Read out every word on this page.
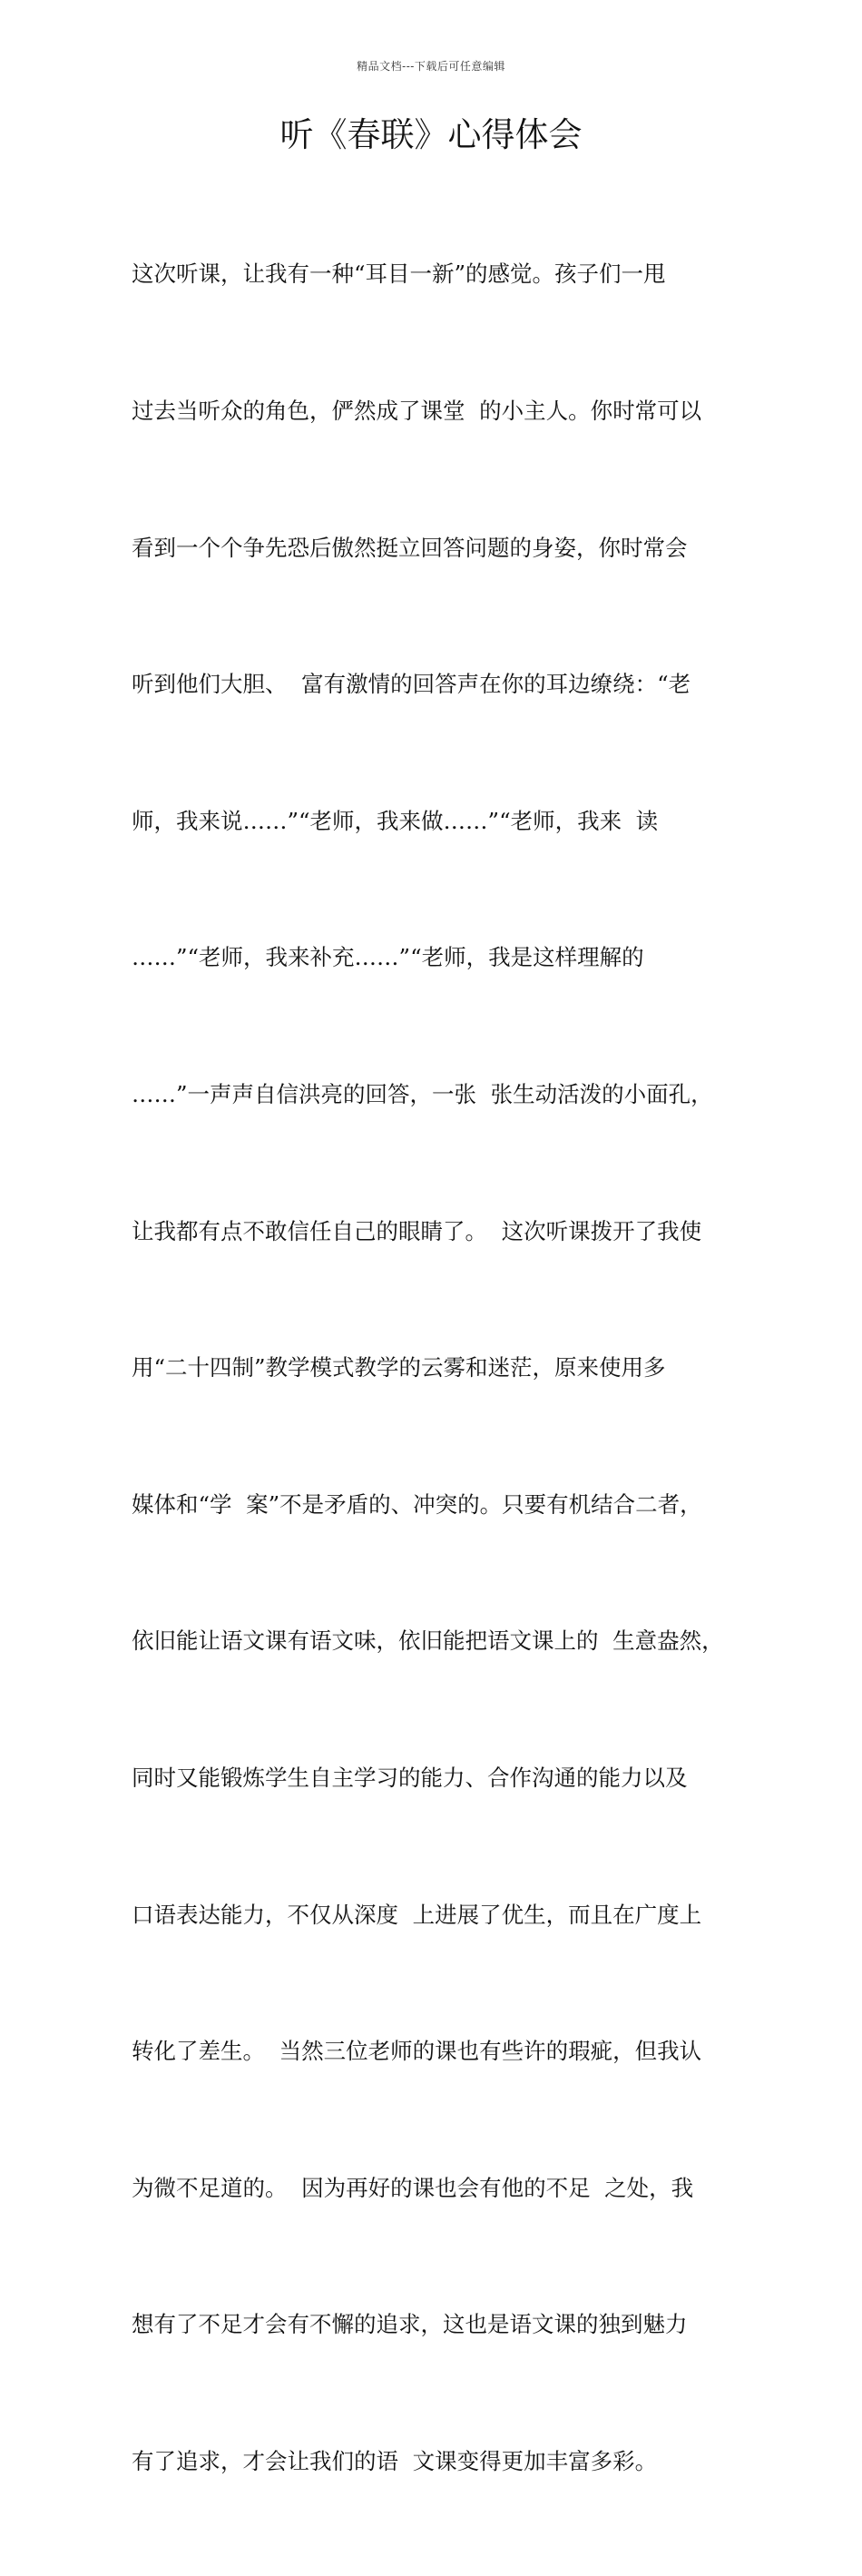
精品文档---下载后可任意编辑
听《春联》心得体会

这次听课，让我有一种“耳目一新”的感觉。孩子们一甩

过去当听众的角色，俨然成了课堂  的小主人。你时常可以

看到一个个争先恐后傲然挺立回答问题的身姿，你时常会

听到他们大胆、  富有激情的回答声在你的耳边缭绕：“老

师，我来说……”“老师，我来做……”“老师，我来  读

……”“老师，我来补充……”“老师，我是这样理解的

……”一声声自信洪亮的回答，一张  张生动活泼的小面孔，

让我都有点不敢信任自己的眼睛了。  这次听课拨开了我使

用“二十四制”教学模式教学的云雾和迷茫，原来使用多

媒体和“学  案”不是矛盾的、冲突的。只要有机结合二者，

依旧能让语文课有语文味，依旧能把语文课上的  生意盎然，

同时又能锻炼学生自主学习的能力、合作沟通的能力以及

口语表达能力，不仅从深度  上进展了优生，而且在广度上

转化了差生。  当然三位老师的课也有些许的瑕疵，但我认

为微不足道的。  因为再好的课也会有他的不足  之处，我

想有了不足才会有不懈的追求，这也是语文课的独到魅力

有了追求，才会让我们的语  文课变得更加丰富多彩。
